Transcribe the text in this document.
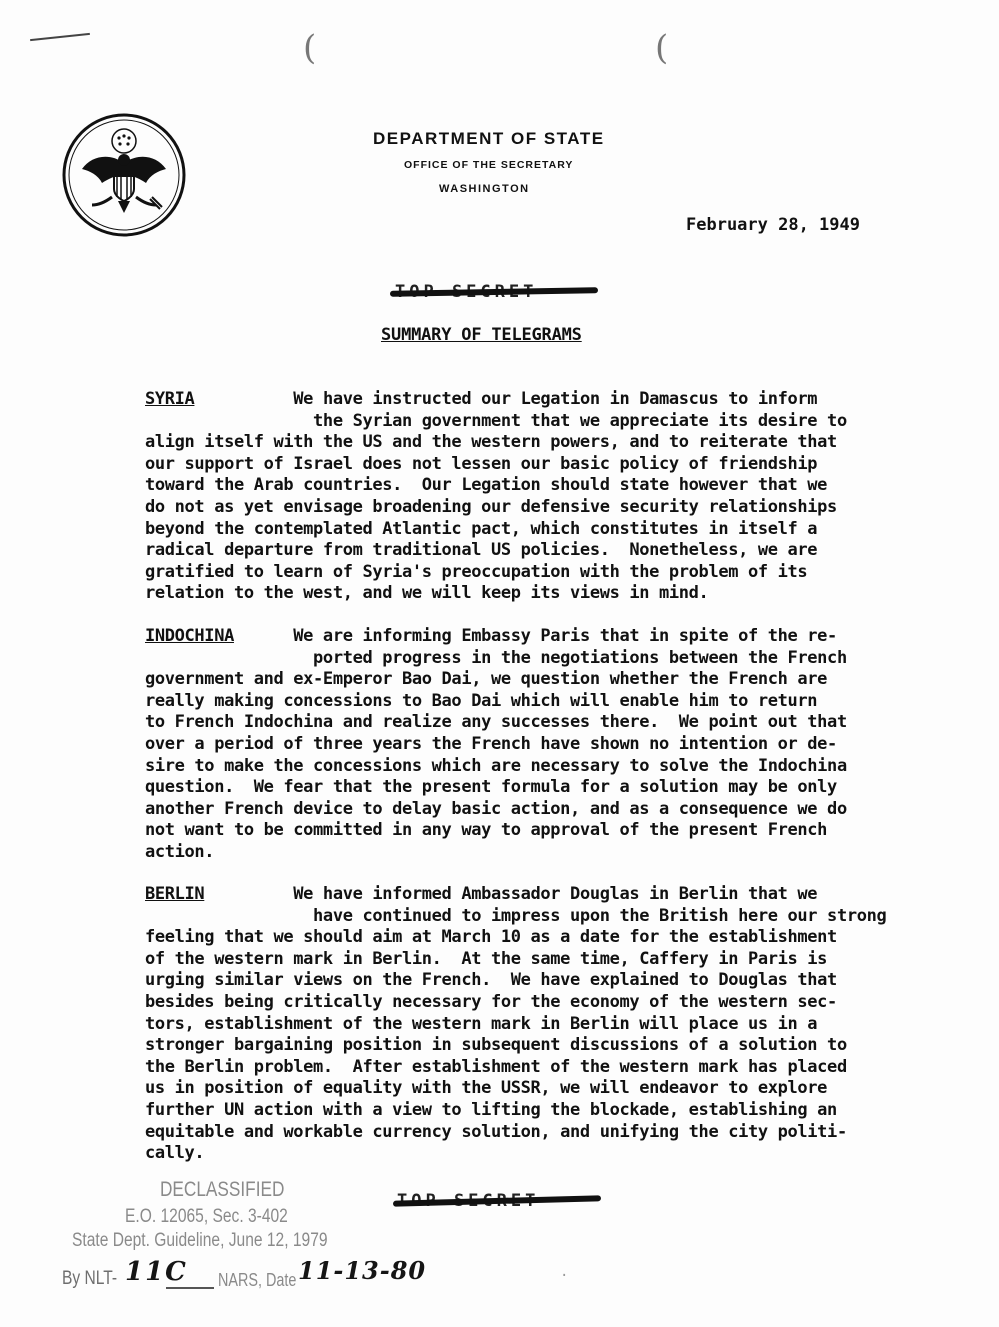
(	(
DEPARTMENT OF STATE
OFFICE OF THE SECRETARY
WASHINGTON
February 28, 1949
SUMMARY OF TELEGRAMS
SYRIA          We have instructed our Legation in Damascus to inform
the Syrian government that we appreciate its desire to
align itself with the US and the western powers, and to reiterate that
our support of Israel does not lessen our basic policy of friendship
toward the Arab countries.  Our Legation should state however that we
do not as yet envisage broadening our defensive security relationships
beyond the contemplated Atlantic pact, which constitutes in itself a
radical departure from traditional US policies.  Nonetheless, we are
gratified to learn of Syria's preoccupation with the problem of its
relation to the west, and we will keep its views in mind.
INDOCHINA      We are informing Embassy Paris that in spite of the re-
ported progress in the negotiations between the French
government and ex-Emperor Bao Dai, we question whether the French are
really making concessions to Bao Dai which will enable him to return
to French Indochina and realize any successes there.  We point out that
over a period of three years the French have shown no intention or de-
sire to make the concessions which are necessary to solve the Indochina
question.  We fear that the present formula for a solution may be only
another French device to delay basic action, and as a consequence we do
not want to be committed in any way to approval of the present French
action.
BERLIN         We have informed Ambassador Douglas in Berlin that we
have continued to impress upon the British here our strong
feeling that we should aim at March 10 as a date for the establishment
of the western mark in Berlin.  At the same time, Caffery in Paris is
urging similar views on the French.  We have explained to Douglas that
besides being critically necessary for the economy of the western sec-
tors, establishment of the western mark in Berlin will place us in a
stronger bargaining position in subsequent discussions of a solution to
the Berlin problem.  After establishment of the western mark has placed
us in position of equality with the USSR, we will endeavor to explore
further UN action with a view to lifting the blockade, establishing an
equitable and workable currency solution, and unifying the city politi-
cally.
DECLASSIFIED
E.O. 12065, Sec. 3-402
State Dept. Guideline, June 12, 1979
By NLT- 11C NARS, Date 11-13-80	·
